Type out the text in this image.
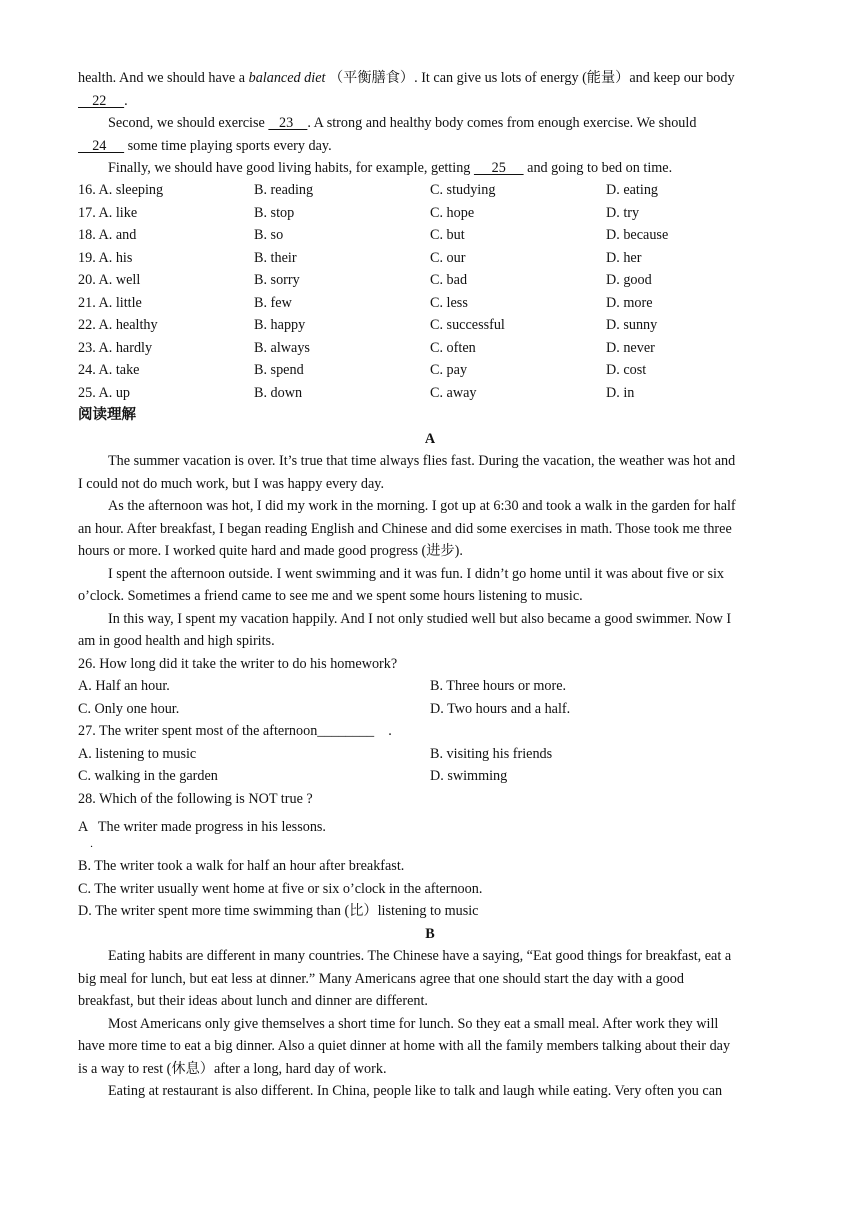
health. And we should have a balanced diet （平衡膳食）. It can give us lots of energy (能量）and keep our body
22     .
Second, we should exercise    23    . A strong and healthy body comes from enough exercise. We should
24      some time playing sports every day.
Finally, we should have good living habits, for example, getting      25      and going to bed on time.
16. A. sleeping	B. reading	C. studying	D. eating
17. A. like	B. stop	C. hope	D. try
18. A. and	B. so	C. but	D. because
19. A. his	B. their	C. our	D. her
20. A. well	B. sorry	C. bad	D. good
21. A. little	B. few	C. less	D. more
22. A. healthy	B. happy	C. successful	D. sunny
23. A. hardly	B. always	C. often	D. never
24. A. take	B. spend	C. pay	D. cost
25. A. up	B. down	C. away	D. in
阅读理解
A
The summer vacation is over. It’s true that time always flies fast. During the vacation, the weather was hot and
I could not do much work, but I was happy every day.
As the afternoon was hot, I did my work in the morning. I got up at 6:30 and took a walk in the garden for half
an hour. After breakfast, I began reading English and Chinese and did some exercises in math. Those took me three
hours or more. I worked quite hard and made good progress (进步).
I spent the afternoon outside. I went swimming and it was fun. I didn’t go home until it was about five or six
o’clock. Sometimes a friend came to see me and we spent some hours listening to music.
In this way, I spent my vacation happily. And I not only studied well but also became a good swimmer. Now I
am in good health and high spirits.
26. How long did it take the writer to do his homework?
A. Half an hour.	B. Three hours or more.
C. Only one hour.	D. Two hours and a half.
27. The writer spent most of the afternoon________    .
A. listening to music	B. visiting his friends
C. walking in the garden	D. swimming
28. Which of the following is NOT true ?
A   The writer made progress in his lessons.
．
B. The writer took a walk for half an hour after breakfast.
C. The writer usually went home at five or six o’clock in the afternoon.
D. The writer spent more time swimming than (比）listening to music
B
Eating habits are different in many countries. The Chinese have a saying, “Eat good things for breakfast, eat a
big meal for lunch, but eat less at dinner.” Many Americans agree that one should start the day with a good
breakfast, but their ideas about lunch and dinner are different.
Most Americans only give themselves a short time for lunch. So they eat a small meal. After work they will
have more time to eat a big dinner. Also a quiet dinner at home with all the family members talking about their day
is a way to rest (休息）after a long, hard day of work.
Eating at restaurant is also different. In China, people like to talk and laugh while eating. Very often you can
